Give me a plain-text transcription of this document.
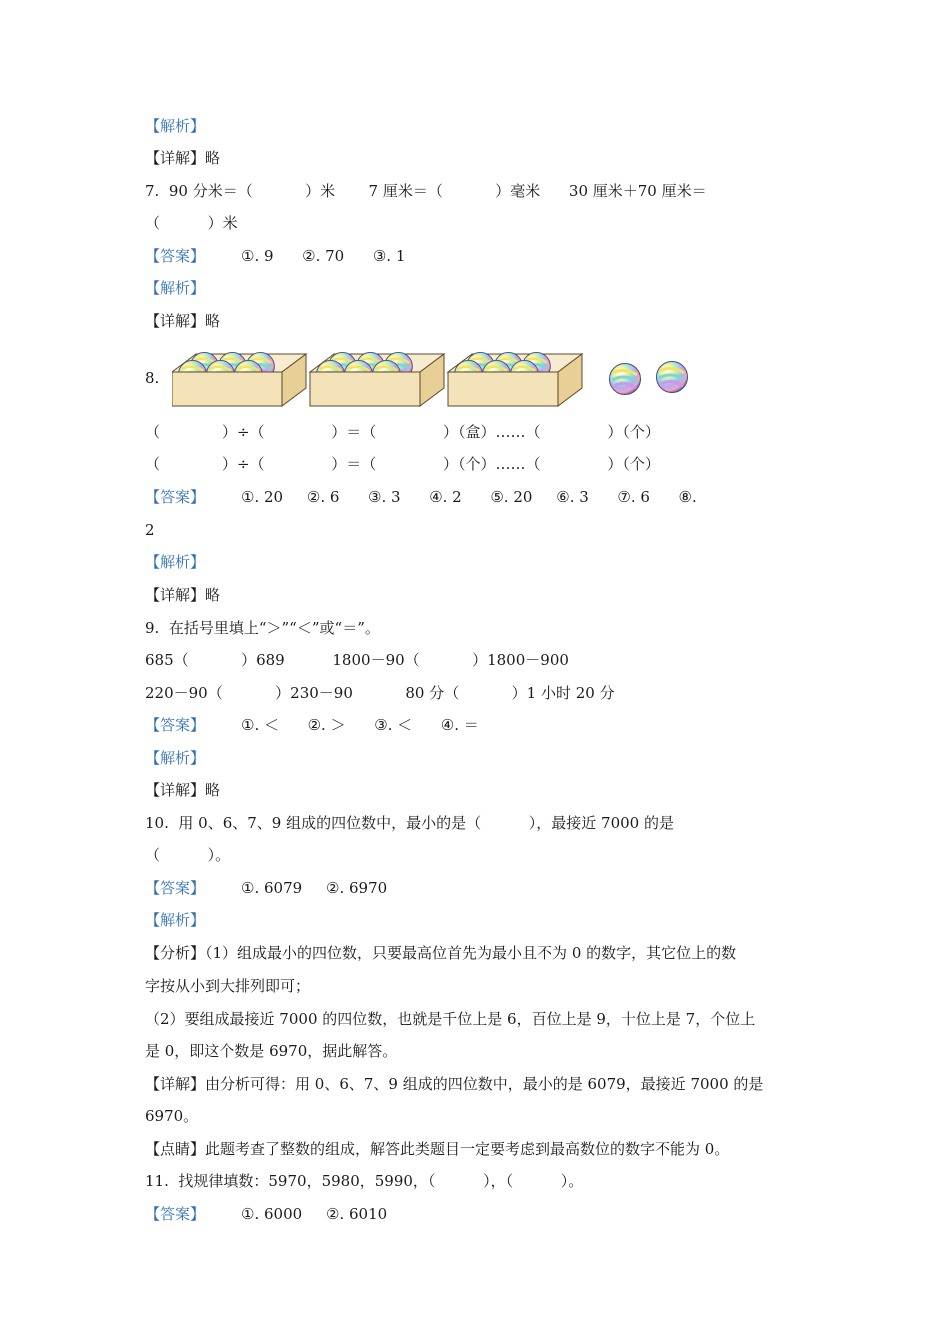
【解析】
【详解】略
7.  90 分米＝（           ）米       7 厘米＝（           ）毫米      30 厘米＋70 厘米＝
（          ）米
【答案】 ①. 9      ②. 70      ③. 1
【解析】
【详解】略
8.
（             ）÷（              ）＝（              ）（盒）……（              ）（个）
（             ）÷（              ）＝（              ）（个）……（              ）（个）
【答案】 ①. 20     ②. 6      ③. 3      ④. 2      ⑤. 20     ⑥. 3      ⑦. 6      ⑧.
2
【解析】
【详解】略
9.  在括号里填上“＞”“＜”或“＝”。
685（           ）689          1800－90（           ）1800－900
220－90（           ）230－90           80 分（           ）1 小时 20 分
【答案】 ①. ＜      ②. ＞      ③. ＜      ④. ＝
【解析】
【详解】略
10.  用 0、6、7、9 组成的四位数中，最小的是（          ），最接近 7000 的是
（          ）。
【答案】 ①. 6079     ②. 6970
【解析】
【分析】（1）组成最小的四位数，只要最高位首先为最小且不为 0 的数字，其它位上的数
字按从小到大排列即可；
（2）要组成最接近 7000 的四位数，也就是千位上是 6，百位上是 9，十位上是 7，个位上
是 0，即这个数是 6970，据此解答。
【详解】由分析可得：用 0、6、7、9 组成的四位数中，最小的是 6079，最接近 7000 的是
6970。
【点睛】此题考查了整数的组成，解答此类题目一定要考虑到最高数位的数字不能为 0。
11.  找规律填数：5970，5980，5990，（          ），（          ）。
【答案】 ①. 6000     ②. 6010
